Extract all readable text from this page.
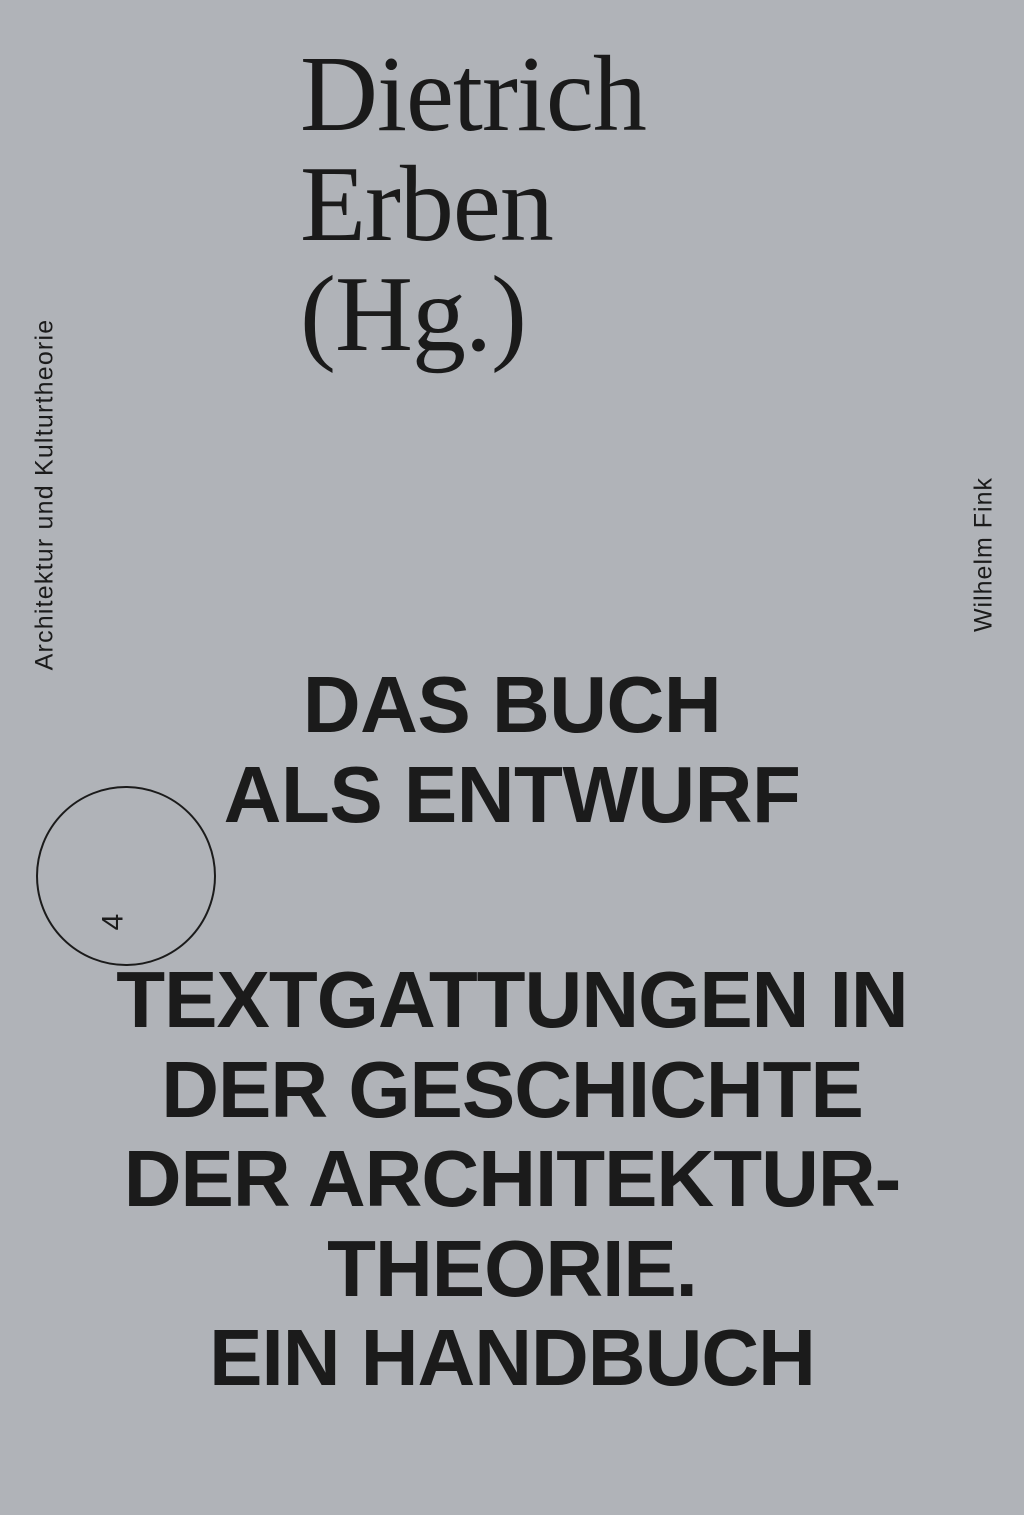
Dietrich
Erben
(Hg.)
Architektur und Kulturtheorie	Wilhelm Fink
4
DAS BUCH
ALS ENTWURF
TEXTGATTUNGEN IN
DER GESCHICHTE
DER ARCHITEKTUR-
THEORIE.
EIN HANDBUCH
